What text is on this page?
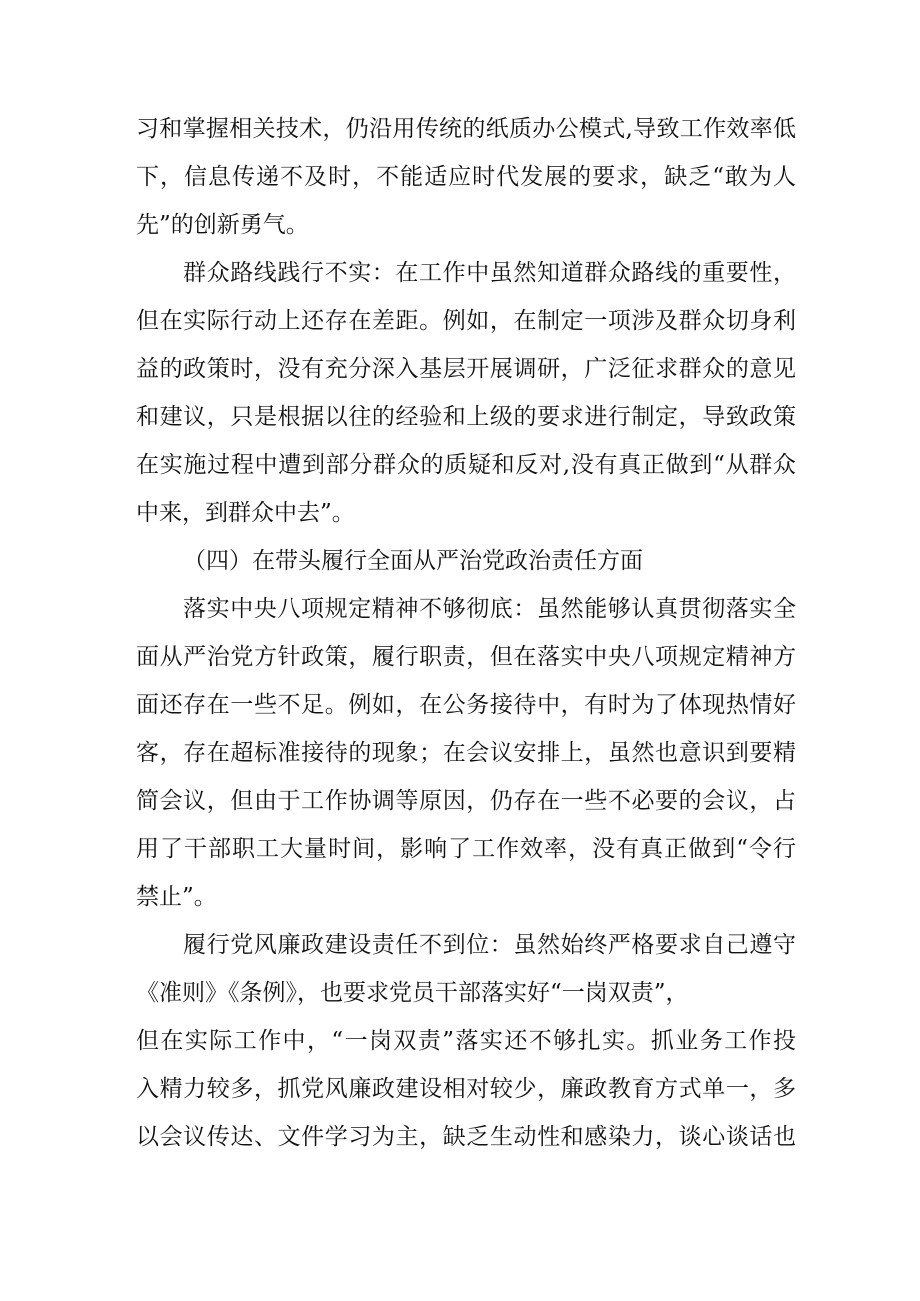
习和掌握相关技术，仍沿用传统的纸质办公模式,导致工作效率低
下，信息传递不及时，不能适应时代发展的要求，缺乏“敢为人
先”的创新勇气。
群众路线践行不实：在工作中虽然知道群众路线的重要性，
但在实际行动上还存在差距。例如，在制定一项涉及群众切身利
益的政策时，没有充分深入基层开展调研，广泛征求群众的意见
和建议，只是根据以往的经验和上级的要求进行制定，导致政策
在实施过程中遭到部分群众的质疑和反对,没有真正做到“从群众
中来，到群众中去”。
（四）在带头履行全面从严治党政治责任方面
落实中央八项规定精神不够彻底：虽然能够认真贯彻落实全
面从严治党方针政策，履行职责，但在落实中央八项规定精神方
面还存在一些不足。例如，在公务接待中，有时为了体现热情好
客，存在超标准接待的现象；在会议安排上，虽然也意识到要精
简会议，但由于工作协调等原因，仍存在一些不必要的会议，占
用了干部职工大量时间，影响了工作效率，没有真正做到“令行
禁止”。
履行党风廉政建设责任不到位：虽然始终严格要求自己遵守
《准则》《条例》，也要求党员干部落实好“一岗双责”，
但在实际工作中，“一岗双责”落实还不够扎实。抓业务工作投
入精力较多，抓党风廉政建设相对较少，廉政教育方式单一，多
以会议传达、文件学习为主，缺乏生动性和感染力，谈心谈话也
